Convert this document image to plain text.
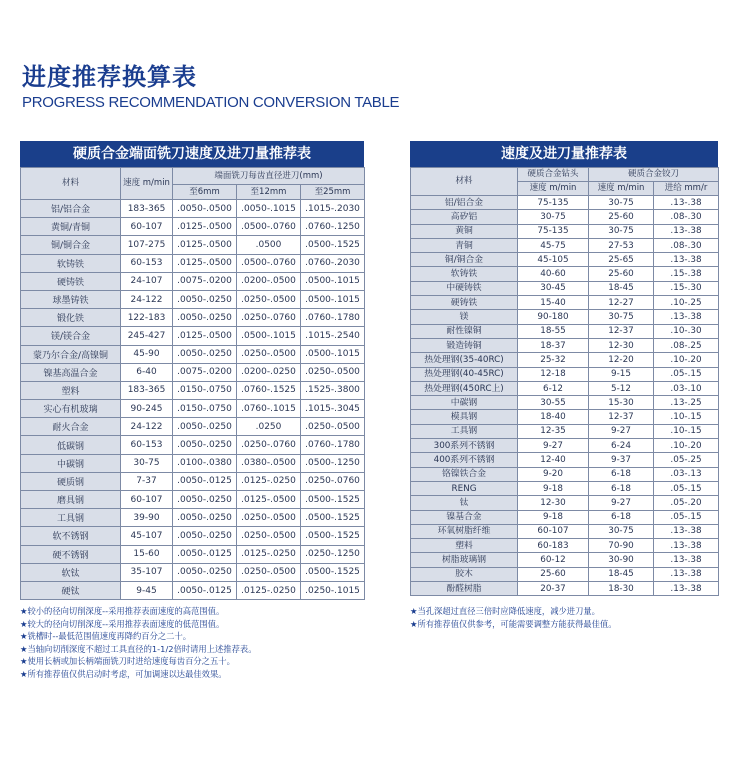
进度推荐换算表
PROGRESS RECOMMENDATION CONVERSION TABLE
硬质合金端面铣刀速度及进刀量推荐表
材料	速度 m/min	端面铣刀每齿直径进刀(mm)		
		至6mm	至12mm	至25mm
铝/铝合金	183-365	.0050-.0500	.0050-.1015	.1015-.2030
黄铜/青铜	60-107	.0125-.0500	.0500-.0760	.0760-.1250
铜/铜合金	107-275	.0125-.0500	.0500	.0500-.1525
软铸铁	60-153	.0125-.0500	.0500-.0760	.0760-.2030
硬铸铁	24-107	.0075-.0200	.0200-.0500	.0500-.1015
球墨铸铁	24-122	.0050-.0250	.0250-.0500	.0500-.1015
锻化铁	122-183	.0050-.0250	.0250-.0760	.0760-.1780
镁/镁合金	245-427	.0125-.0500	.0500-.1015	.1015-.2540
蒙乃尔合金/高镍铜	45-90	.0050-.0250	.0250-.0500	.0500-.1015
镍基高温合金	6-40	.0075-.0200	.0200-.0250	.0250-.0500
塑料	183-365	.0150-.0750	.0760-.1525	.1525-.3800
实心有机玻璃	90-245	.0150-.0750	.0760-.1015	.1015-.3045
耐火合金	24-122	.0050-.0250	.0250	.0250-.0500
低碳钢	60-153	.0050-.0250	.0250-.0760	.0760-.1780
中碳钢	30-75	.0100-.0380	.0380-.0500	.0500-.1250
硬质钢	7-37	.0050-.0125	.0125-.0250	.0250-.0760
磨具钢	60-107	.0050-.0250	.0125-.0500	.0500-.1525
工具钢	39-90	.0050-.0250	.0250-.0500	.0500-.1525
软不锈钢	45-107	.0050-.0250	.0250-.0500	.0500-.1525
硬不锈钢	15-60	.0050-.0125	.0125-.0250	.0250-.1250
软钛	35-107	.0050-.0250	.0250-.0500	.0500-.1525
硬钛	9-45	.0050-.0125	.0125-.0250	.0250-.1015
速度及进刀量推荐表
材料	硬质合金钻头	硬质合金铰刀	
	速度 m/min	速度 m/min	进给 mm/r
铝/铝合金	75-135	30-75	.13-.38
高矽铝	30-75	25-60	.08-.30
黄铜	75-135	30-75	.13-.38
青铜	45-75	27-53	.08-.30
铜/铜合金	45-105	25-65	.13-.38
软铸铁	40-60	25-60	.15-.38
中硬铸铁	30-45	18-45	.15-.30
硬铸铁	15-40	12-27	.10-.25
镁	90-180	30-75	.13-.38
耐性镍铜	18-55	12-37	.10-.30
锻造铸铜	18-37	12-30	.08-.25
热处理钢(35-40RC)	25-32	12-20	.10-.20
热处理钢(40-45RC)	12-18	9-15	.05-.15
热处理钢(450RC上)	6-12	5-12	.03-.10
中碳钢	30-55	15-30	.13-.25
模具钢	18-40	12-37	.10-.15
工具钢	12-35	9-27	.10-.15
300系列不锈钢	9-27	6-24	.10-.20
400系列不锈钢	12-40	9-37	.05-.25
铬镍铁合金	9-20	6-18	.03-.13
RENG	9-18	6-18	.05-.15
钛	12-30	9-27	.05-.20
镍基合金	9-18	6-18	.05-.15
环氧树脂纤维	60-107	30-75	.13-.38
塑料	60-183	70-90	.13-.38
树脂玻璃钢	60-12	30-90	.13-.38
胶木	25-60	18-45	.13-.38
酚醛树脂	20-37	18-30	.13-.38
★较小的径向切削深度--采用推荐表面速度的高范围值。
★较大的径向切削深度--采用推荐表面速度的低范围值。
★铣槽时--最低范围值速度再降约百分之二十。
★当轴向切削深度不超过工具直径的1-1/2倍时请用上述推荐表。
★使用长柄或加长柄端面铣刀时进给速度每齿百分之五十。
★所有推荐值仅供启动时考虑，可加调速以达最佳效果。
★当孔深超过直径三倍时应降低速度，减少进刀量。
★所有推荐值仅供参考，可能需要调整方能获得最佳值。
